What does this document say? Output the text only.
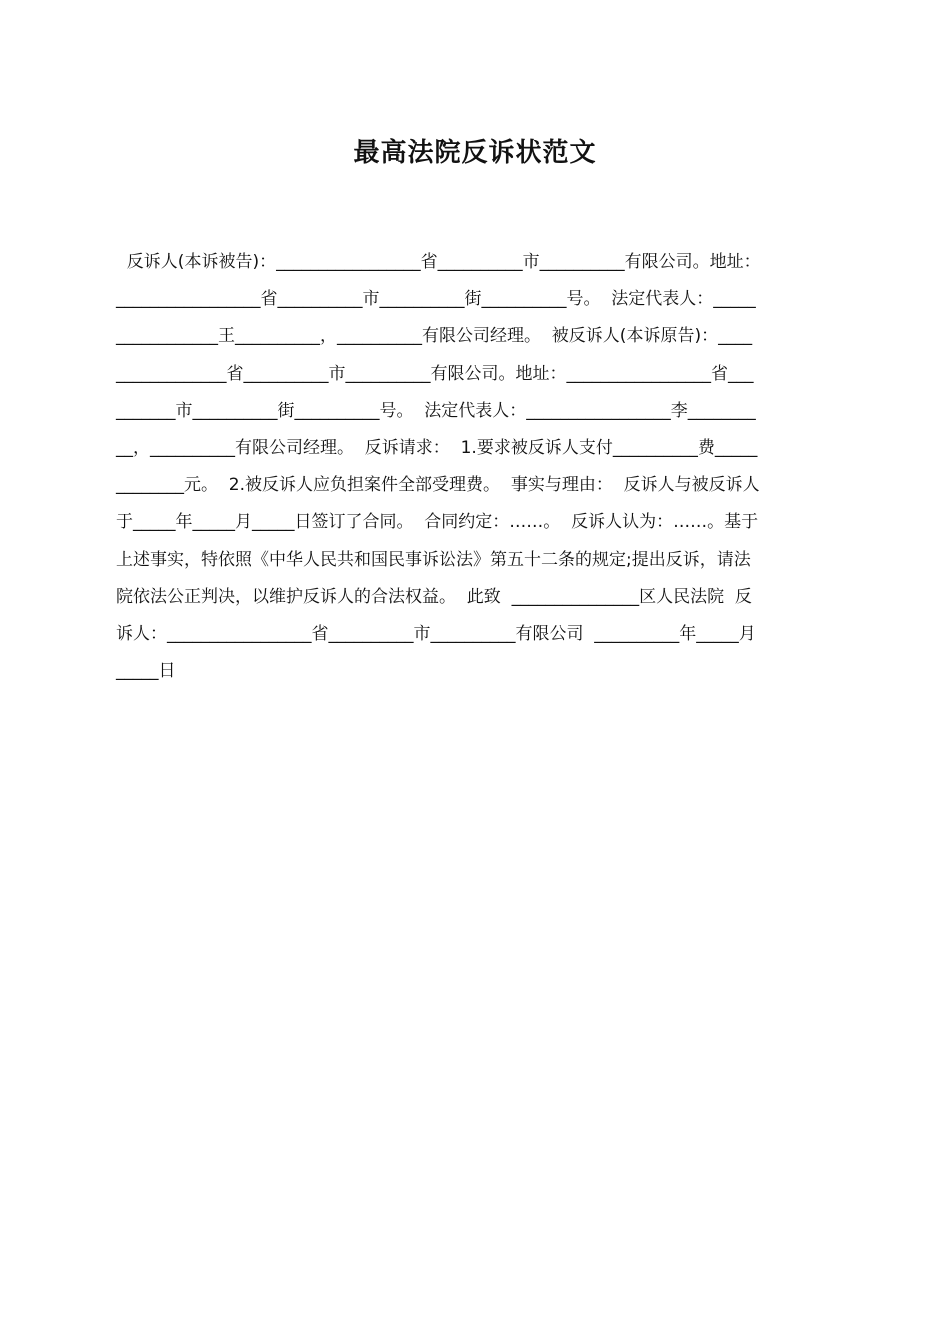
最高法院反诉状范文
反诉人(本诉被告)：_________________省__________市__________有限公司。地址：
_________________省__________市__________街__________号。  法定代表人：_____
____________王__________，__________有限公司经理。  被反诉人(本诉原告)：____
_____________省__________市__________有限公司。地址：_________________省___
_______市__________街__________号。  法定代表人：_________________李________
__，__________有限公司经理。  反诉请求：  1.要求被反诉人支付__________费_____
________元。  2.被反诉人应负担案件全部受理费。  事实与理由：  反诉人与被反诉人
于_____年_____月_____日签订了合同。  合同约定：……。  反诉人认为：……。基于
上述事实，特依照《中华人民共和国民事诉讼法》第五十二条的规定;提出反诉，请法
院依法公正判决，以维护反诉人的合法权益。  此致  _______________区人民法院  反
诉人：_________________省__________市__________有限公司  __________年_____月
_____日
